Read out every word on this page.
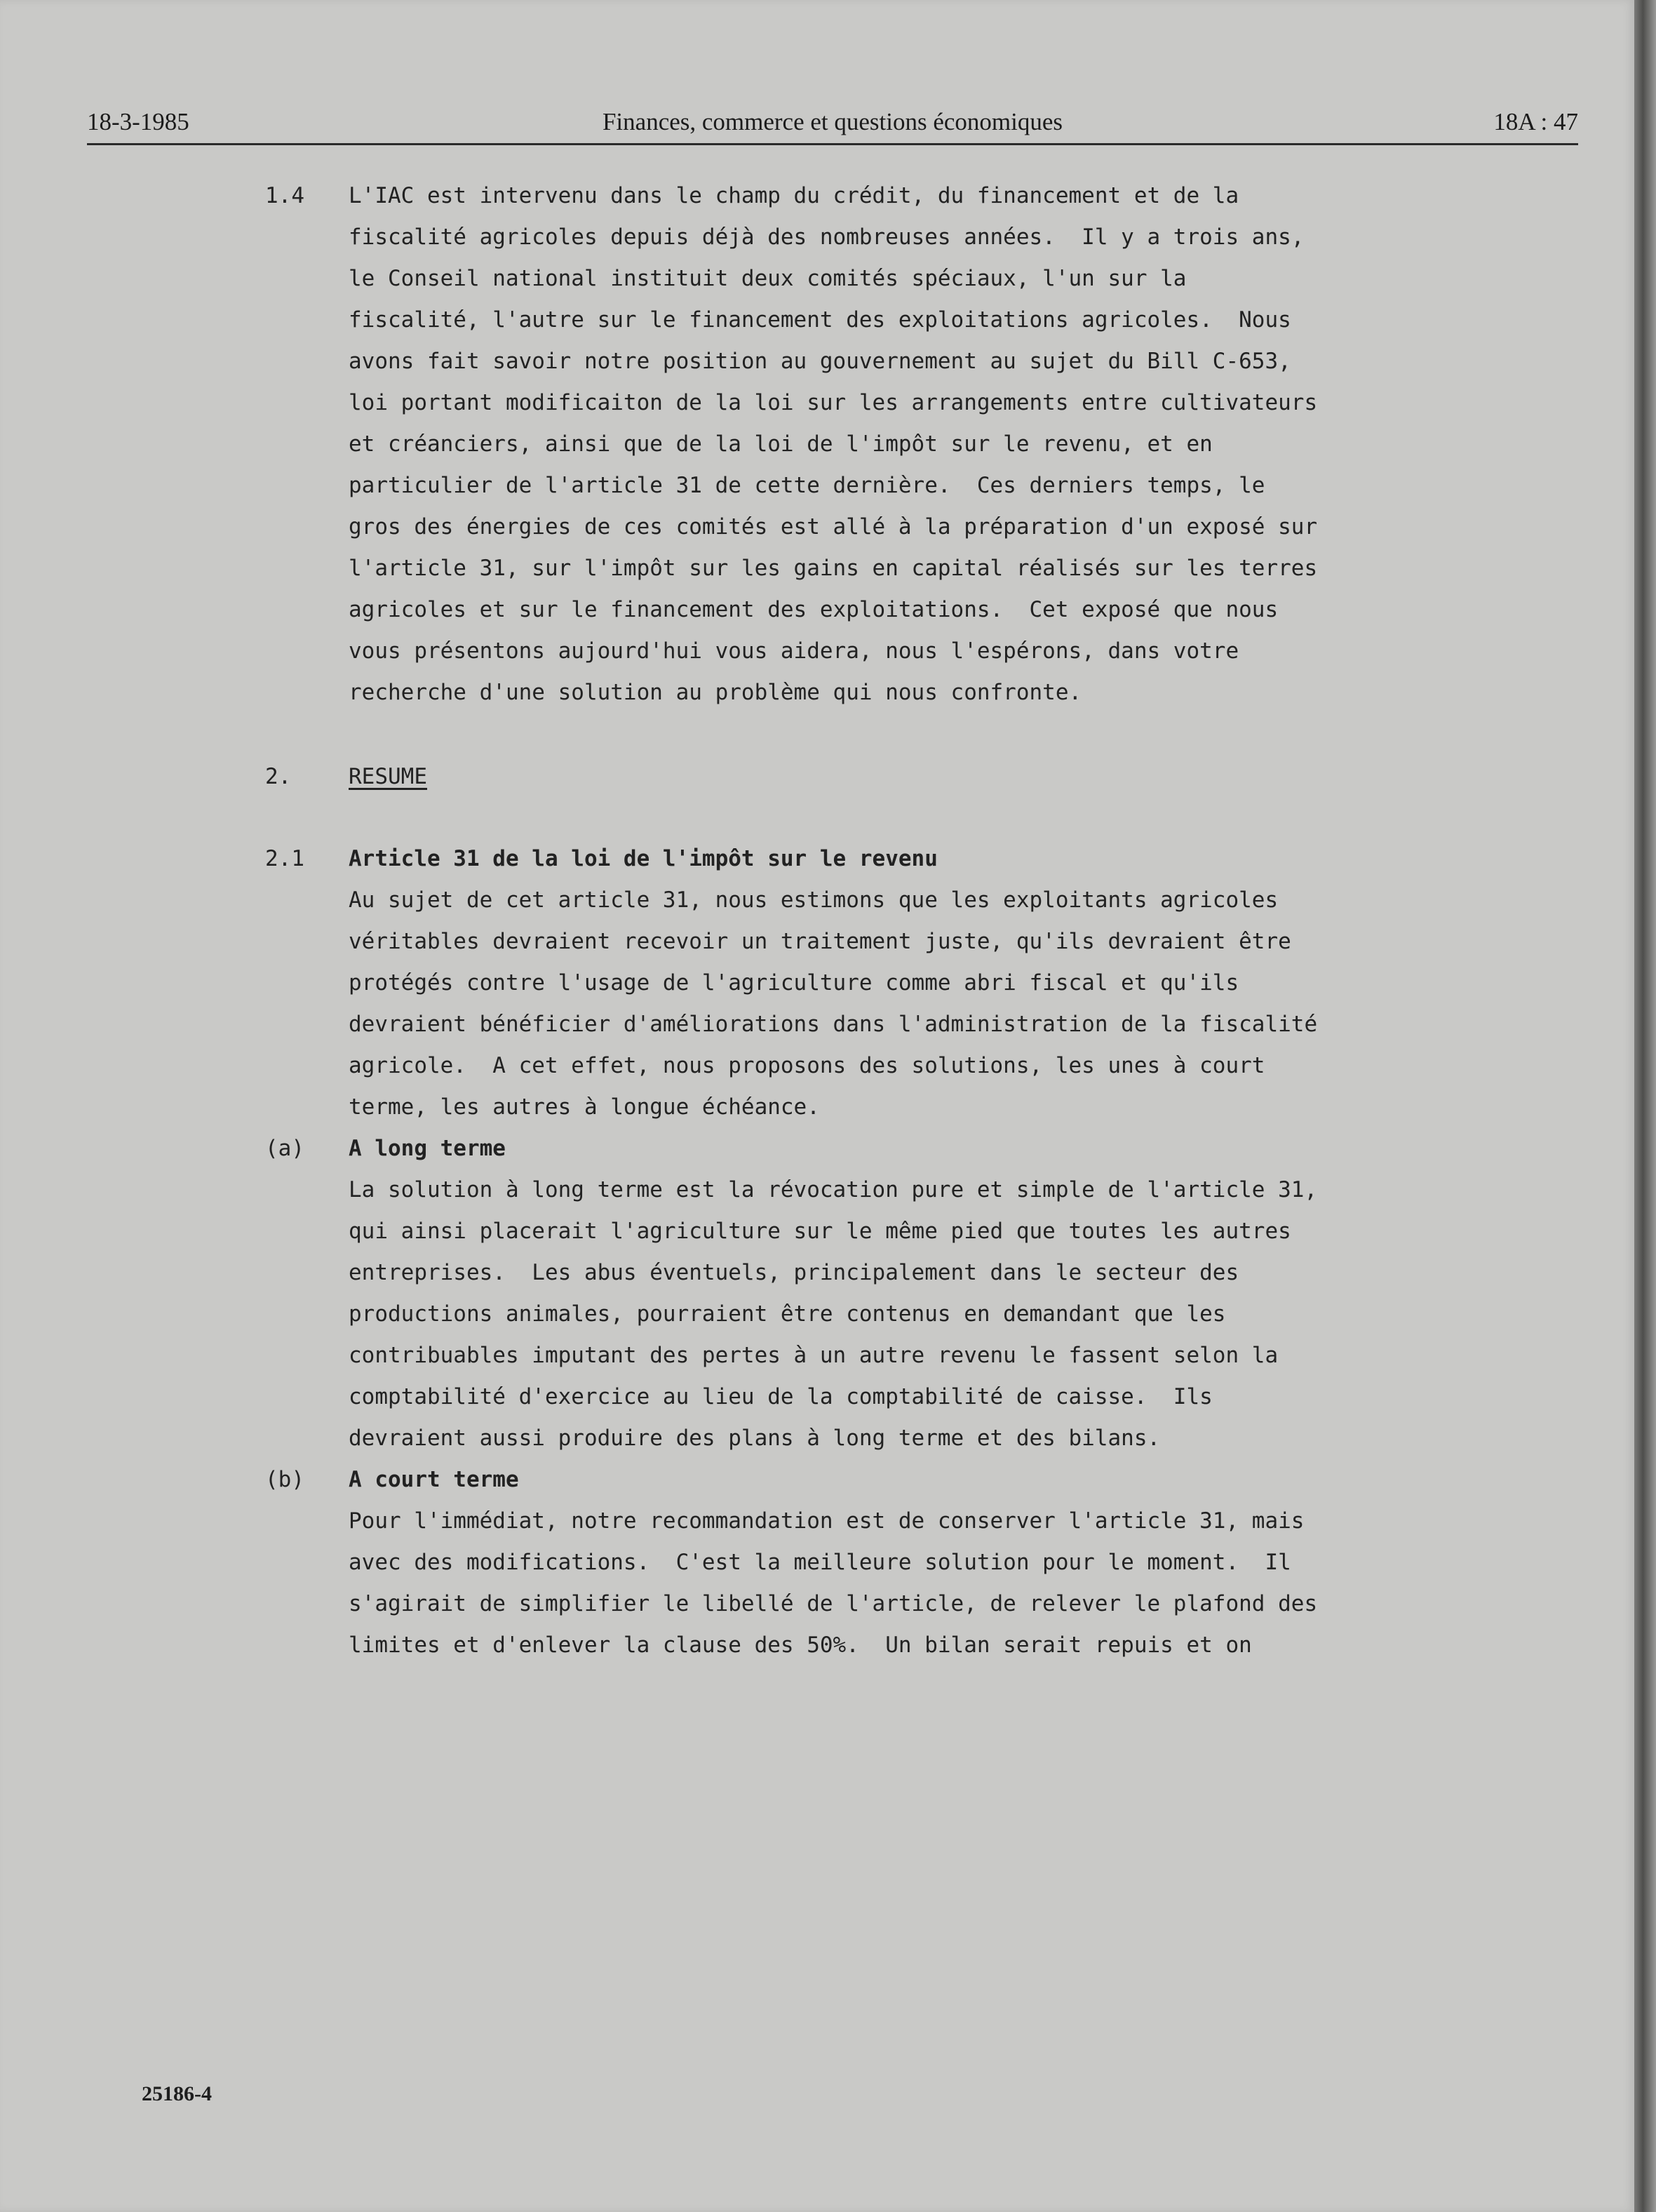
18-3-1985	Finances, commerce et questions économiques	18A : 47
1.4 L'IAC est intervenu dans le champ du crédit, du financement et de la
fiscalité agricoles depuis déjà des nombreuses années.  Il y a trois ans,
le Conseil national instituit deux comités spéciaux, l'un sur la
fiscalité, l'autre sur le financement des exploitations agricoles.  Nous
avons fait savoir notre position au gouvernement au sujet du Bill C-653,
loi portant modificaiton de la loi sur les arrangements entre cultivateurs
et créanciers, ainsi que de la loi de l'impôt sur le revenu, et en
particulier de l'article 31 de cette dernière.  Ces derniers temps, le
gros des énergies de ces comités est allé à la préparation d'un exposé sur
l'article 31, sur l'impôt sur les gains en capital réalisés sur les terres
agricoles et sur le financement des exploitations.  Cet exposé que nous
vous présentons aujourd'hui vous aidera, nous l'espérons, dans votre
recherche d'une solution au problème qui nous confronte.
2.	RESUME
2.1 Article 31 de la loi de l'impôt sur le revenu
Au sujet de cet article 31, nous estimons que les exploitants agricoles
véritables devraient recevoir un traitement juste, qu'ils devraient être
protégés contre l'usage de l'agriculture comme abri fiscal et qu'ils
devraient bénéficier d'améliorations dans l'administration de la fiscalité
agricole.  A cet effet, nous proposons des solutions, les unes à court
terme, les autres à longue échéance.
(a) A long terme
La solution à long terme est la révocation pure et simple de l'article 31,
qui ainsi placerait l'agriculture sur le même pied que toutes les autres
entreprises.  Les abus éventuels, principalement dans le secteur des
productions animales, pourraient être contenus en demandant que les
contribuables imputant des pertes à un autre revenu le fassent selon la
comptabilité d'exercice au lieu de la comptabilité de caisse.  Ils
devraient aussi produire des plans à long terme et des bilans.
(b) A court terme
Pour l'immédiat, notre recommandation est de conserver l'article 31, mais
avec des modifications.  C'est la meilleure solution pour le moment.  Il
s'agirait de simplifier le libellé de l'article, de relever le plafond des
limites et d'enlever la clause des 50%.  Un bilan serait repuis et on
25186-4
